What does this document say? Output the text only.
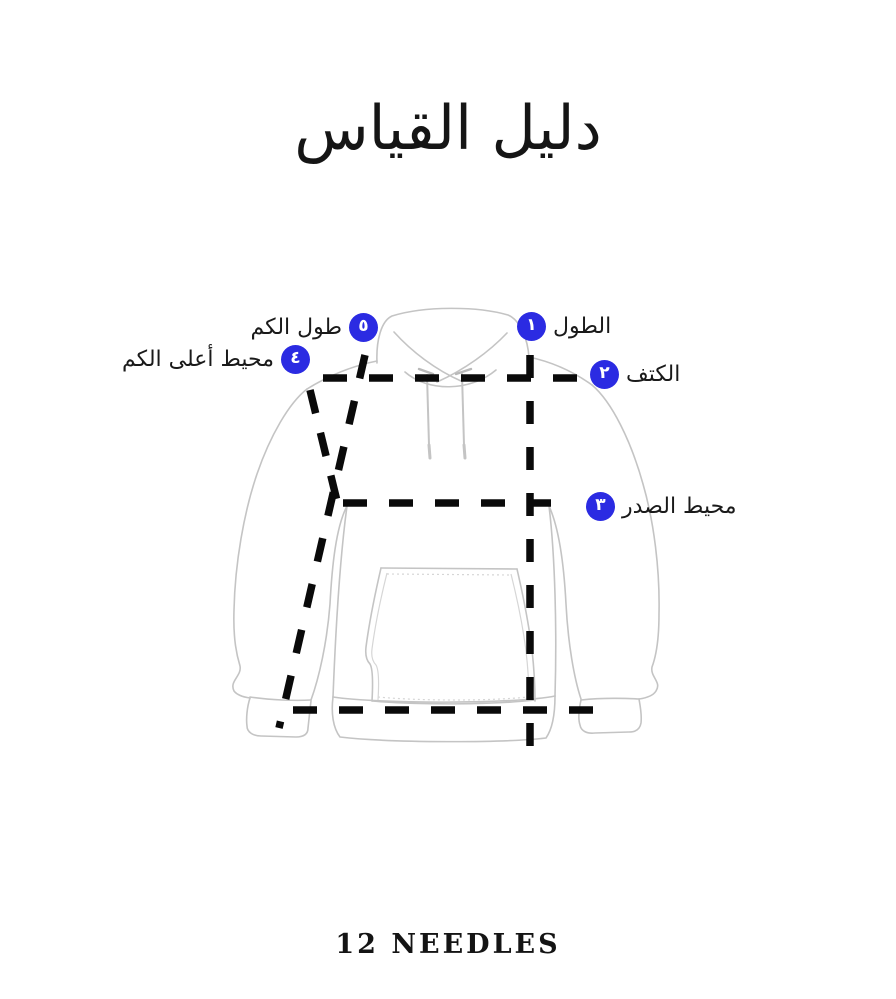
دليل القياس
١ الطول
٢ الكتف
٣ محيط الصدر
محيط أعلى الكم ٤
طول الكم ٥
12 NEEDLES
